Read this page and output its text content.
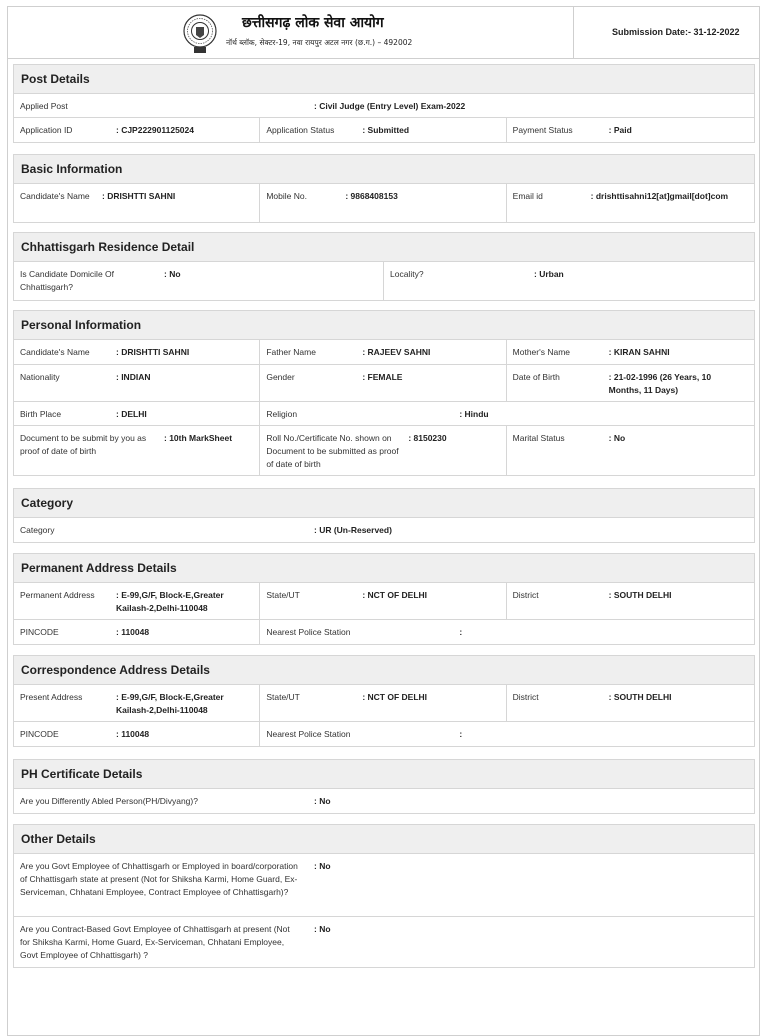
छत्तीसगढ़ लोक सेवा आयोग
नॉर्थ ब्लॉक, सेक्टर-19, नवा रायपुर अटल नगर (छ.ग.) – 492002
Submission Date:- 31-12-2022
Post Details
Applied Post	: Civil Judge (Entry Level) Exam-2022
Application ID	: CJP222901125024	Application Status	: Submitted	Payment Status	: Paid
Basic Information
Candidate's Name : DRISHTTI SAHNI	Mobile No.	: 9868408153	Email id	: drishttisahni12[at]gmail[dot]com
Chhattisgarh Residence Detail
Is Candidate Domicile Of Chhattisgarh?
: No	Locality?	: Urban
Personal Information
Candidate's Name	: DRISHTTI SAHNI	Father Name	: RAJEEV SAHNI	Mother's Name	: KIRAN SAHNI
Nationality	: INDIAN	Gender	: FEMALE	Date of Birth	: 21-02-1996 (26 Years, 10 Months, 11 Days)
Birth Place	: DELHI	Religion	: Hindu
Document to be submit by you as proof of date of birth
: 10th MarkSheet	Roll No./Certificate No. shown on Document to be submitted as proof of date of birth
: 8150230	Marital Status	: No
Category
Category	: UR (Un-Reserved)
Permanent Address Details
Permanent Address	: E-99,G/F, Block-E,Greater Kailash-2,Delhi-110048
State/UT	: NCT OF DELHI	District	: SOUTH DELHI
PINCODE	: 110048	Nearest Police Station	:
Correspondence Address Details
Present Address	: E-99,G/F, Block-E,Greater Kailash-2,Delhi-110048
State/UT	: NCT OF DELHI	District	: SOUTH DELHI
PINCODE	: 110048	Nearest Police Station	:
PH Certificate Details
Are you Differently Abled Person(PH/Divyang)?	: No
Other Details
Are you Govt Employee of Chhattisgarh or Employed in board/corporation of Chhattisgarh state at present (Not for Shiksha Karmi, Home Guard, Ex-Serviceman, Chhatani Employee, Contract Employee of Chhattisgarh)?
: No
Are you Contract-Based Govt Employee of Chhattisgarh at present (Not for Shiksha Karmi, Home Guard, Ex-Serviceman, Chhatani Employee, Govt Employee of Chhattisgarh) ?
: No
